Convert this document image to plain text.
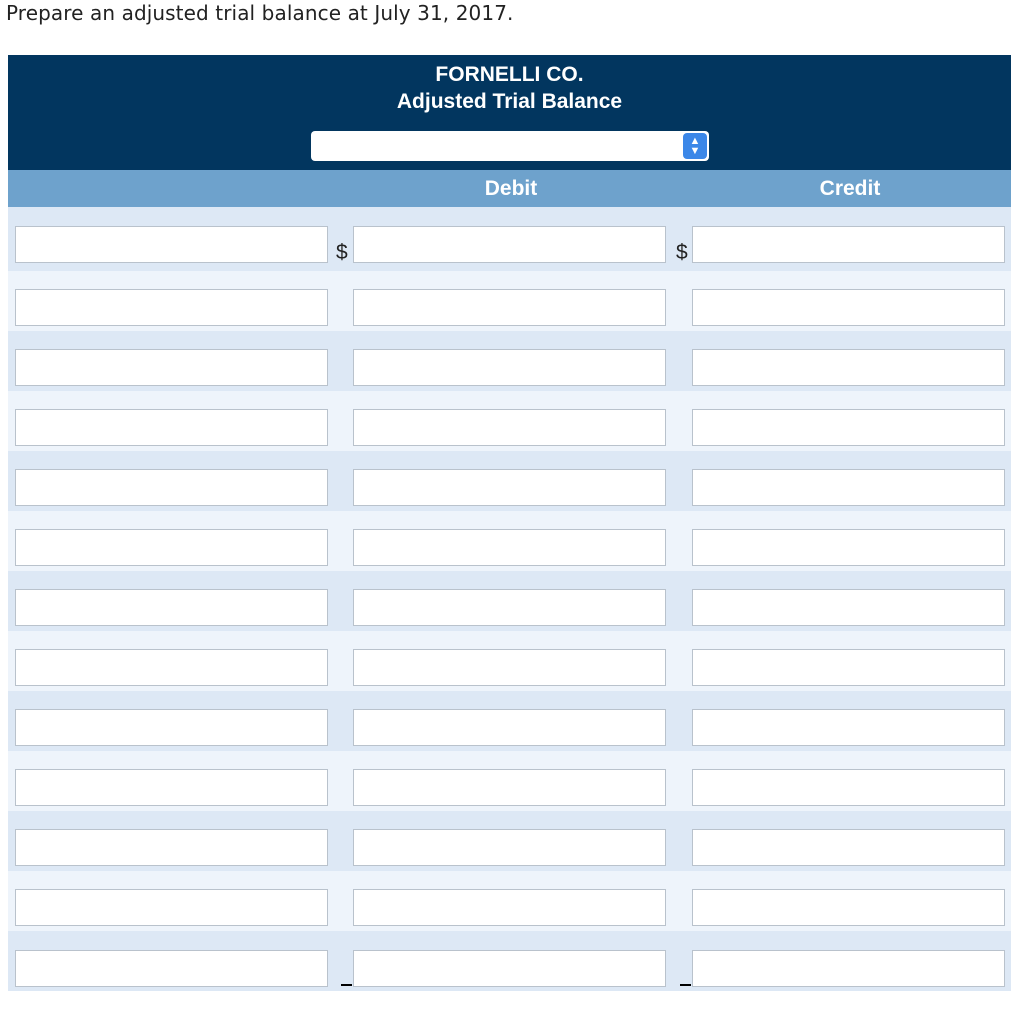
Prepare an adjusted trial balance at July 31, 2017.
FORNELLI CO.
Adjusted Trial Balance
▲
▼
Debit	Credit
$	$
